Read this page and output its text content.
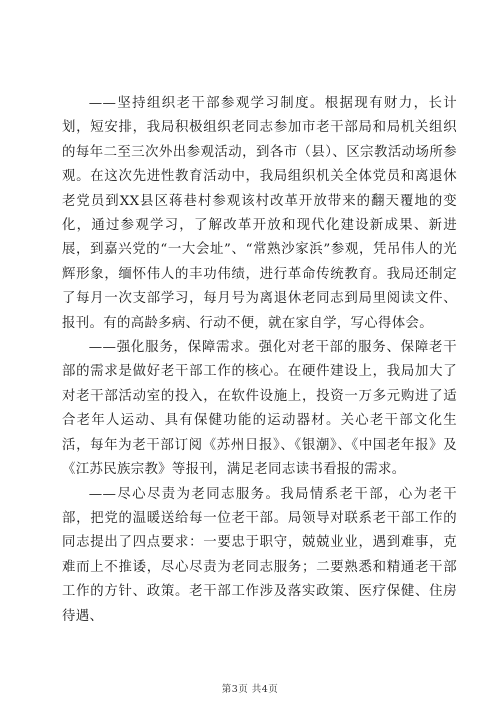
——坚持组织老干部参观学习制度。根据现有财力，长计划，短安排，我局积极组织老同志参加市老干部局和局机关组织的每年二至三次外出参观活动，到各市（县）、区宗教活动场所参观。在这次先进性教育活动中，我局组织机关全体党员和离退休老党员到XX县区蒋巷村参观该村改革开放带来的翻天覆地的变化，通过参观学习，了解改革开放和现代化建设新成果、新进展，到嘉兴党的“一大会址”、“常熟沙家浜”参观，凭吊伟人的光辉形象，缅怀伟人的丰功伟绩，进行革命传统教育。我局还制定了每月一次支部学习，每月号为离退休老同志到局里阅读文件、报刊。有的高龄多病、行动不便，就在家自学，写心得体会。

——强化服务，保障需求。强化对老干部的服务、保障老干部的需求是做好老干部工作的核心。在硬件建设上，我局加大了对老干部活动室的投入，在软件设施上，投资一万多元购进了适合老年人运动、具有保健功能的运动器材。关心老干部文化生活，每年为老干部订阅《苏州日报》、《银潮》、《中国老年报》及《江苏民族宗教》等报刊，满足老同志读书看报的需求。

——尽心尽责为老同志服务。我局情系老干部，心为老干部，把党的温暖送给每一位老干部。局领导对联系老干部工作的同志提出了四点要求：一要忠于职守，兢兢业业，遇到难事，克难而上不推诿，尽心尽责为老同志服务；二要熟悉和精通老干部工作的方针、政策。老干部工作涉及落实政策、医疗保健、住房待遇、

第3页 共4页
